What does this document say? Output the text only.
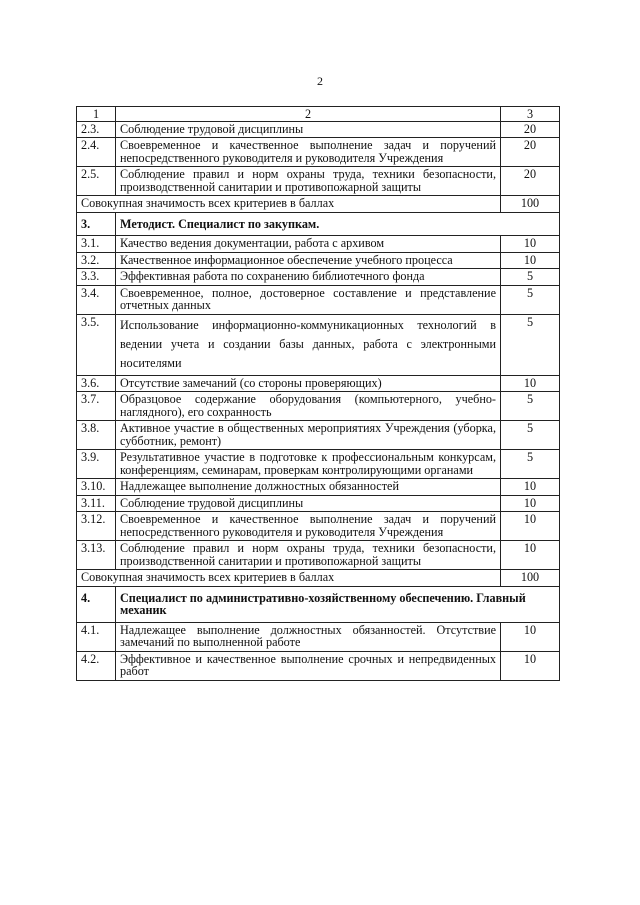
2
1	2	3
2.3.	Соблюдение трудовой дисциплины	20
2.4.	Своевременное и качественное выполнение задач и поручений непосредственного руководителя и руководителя Учреждения	20
2.5.	Соблюдение правил и норм охраны труда, техники безопасности, производственной санитарии и противопожарной защиты	20
Совокупная значимость всех критериев в баллах		100
3.	Методист. Специалист по закупкам.	
3.1.	Качество ведения документации, работа с архивом	10
3.2.	Качественное информационное обеспечение учебного процесса	10
3.3.	Эффективная работа по сохранению библиотечного фонда	5
3.4.	Своевременное, полное, достоверное составление и представление отчетных данных	5
3.5.	Использование информационно-коммуникационных технологий в ведении учета и создании базы данных, работа с электронными носителями	5
3.6.	Отсутствие замечаний (со стороны проверяющих)	10
3.7.	Образцовое содержание оборудования (компьютерного, учебно-наглядного), его сохранность	5
3.8.	Активное участие в общественных мероприятиях Учреждения (уборка, субботник, ремонт)	5
3.9.	Результативное участие в подготовке к профессиональным конкурсам, конференциям, семинарам, проверкам контролирующими органами	5
3.10.	Надлежащее выполнение должностных обязанностей	10
3.11.	Соблюдение трудовой дисциплины	10
3.12.	Своевременное и качественное выполнение задач и поручений непосредственного руководителя и руководителя Учреждения	10
3.13.	Соблюдение правил и норм охраны труда, техники безопасности, производственной санитарии и противопожарной защиты	10
Совокупная значимость всех критериев в баллах		100
4.	Специалист по административно-хозяйственному обеспечению. Главный механик	
4.1.	Надлежащее выполнение должностных обязанностей. Отсутствие замечаний по выполненной работе	10
4.2.	Эффективное и качественное выполнение срочных и непредвиденных работ	10
